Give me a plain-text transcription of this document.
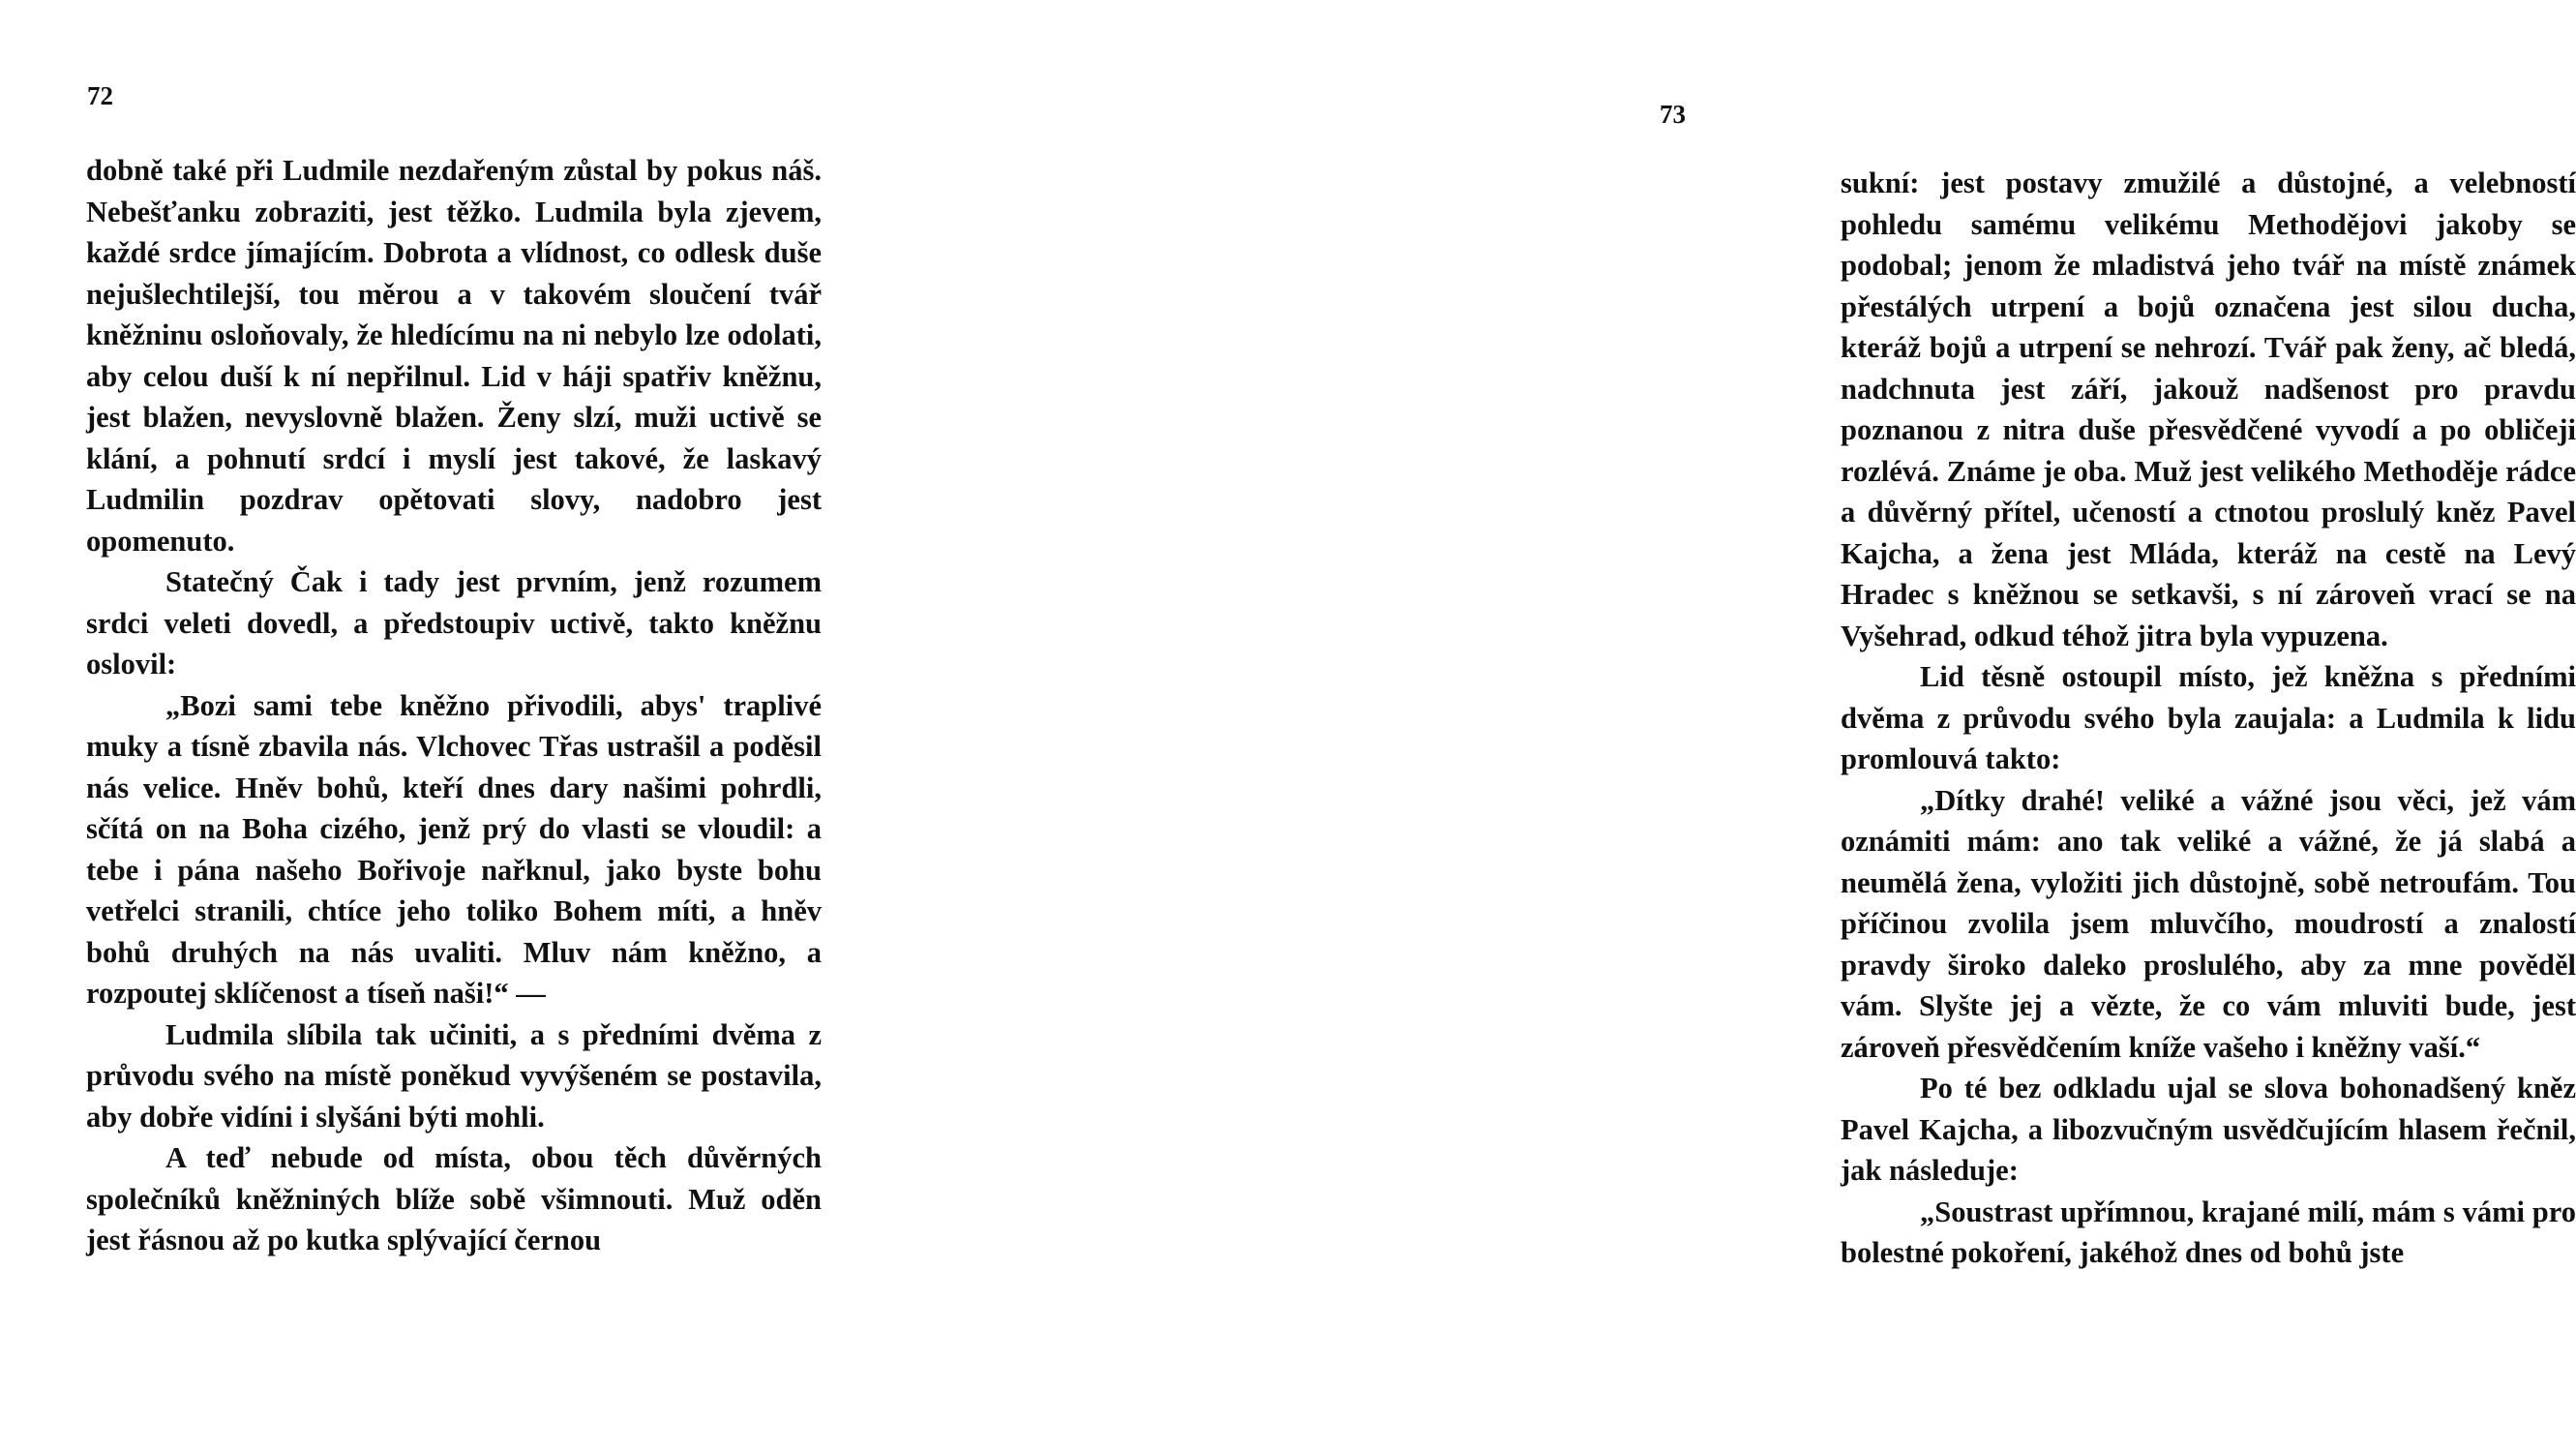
72

dobně také při Ludmile nezdařeným zůstal by pokus náš. Nebešťanku zobraziti, jest těžko. Ludmila byla zjevem, každé srdce jímajícím. Dobrota a vlídnost, co odlesk duše nejušlechtilejší, tou měrou a v takovém sloučení tvář kněžninu osloňovaly, že hledícímu na ni nebylo lze odolati, aby celou duší k ní nepřilnul. Lid v háji spatřiv kněžnu, jest blažen, nevyslovně blažen. Ženy slzí, muži uctivě se klání, a pohnutí srdcí i myslí jest takové, že laskavý Ludmilin pozdrav opětovati slovy, nadobro jest opomenuto.

Statečný Čak i tady jest prvním, jenž rozumem srdci veleti dovedl, a předstoupiv uctivě, takto kněžnu oslovil:

„Bozi sami tebe kněžno přivodili, abys' traplivé muky a tísně zbavila nás. Vlchovec Třas ustrašil a poděsil nás velice. Hněv bohů, kteří dnes dary našimi pohrdli, sčítá on na Boha cizého, jenž prý do vlasti se vloudil: a tebe i pána našeho Bořivoje nařknul, jako byste bohu vetřelci stranili, chtíce jeho toliko Bohem míti, a hněv bohů druhých na nás uvaliti. Mluv nám kněžno, a rozpoutej sklíčenost a tíseň naši!“ —

Ludmila slíbila tak učiniti, a s předními dvěma z průvodu svého na místě poněkud vyvýšeném se postavila, aby dobře vidíni i slyšáni býti mohli.

A teď nebude od místa, obou těch důvěrných společníků kněžniných blíže sobě všimnouti. Muž oděn jest řásnou až po kutka splývající černou

sukní: jest postavy zmužilé a důstojné, a velebností pohledu samému velikému Methodějovi jakoby se podobal; jenom že mladistvá jeho tvář na místě známek přestálých utrpení a bojů označena jest silou ducha, kteráž bojů a utrpení se nehrozí. Tvář pak ženy, ač bledá, nadchnuta jest září, jakouž nadšenost pro pravdu poznanou z nitra duše přesvědčené vyvodí a po obličeji rozlévá. Známe je oba. Muž jest velikého Methoděje rádce a důvěrný přítel, učeností a ctnotou proslulý kněz Pavel Kajcha, a žena jest Mláda, kteráž na cestě na Levý Hradec s kněžnou se setkavši, s ní zároveň vrací se na Vyšehrad, odkud téhož jitra byla vypuzena.

Lid těsně ostoupil místo, jež kněžna s předními dvěma z průvodu svého byla zaujala: a Ludmila k lidu promlouvá takto:

„Dítky drahé! veliké a vážné jsou věci, jež vám oznámiti mám: ano tak veliké a vážné, že já slabá a neumělá žena, vyložiti jich důstojně, sobě netroufám. Tou příčinou zvolila jsem mluvčího, moudrostí a znalostí pravdy široko daleko proslulého, aby za mne pověděl vám. Slyšte jej a vězte, že co vám mluviti bude, jest zároveň přesvědčením kníže vašeho i kněžny vaší.“

Po té bez odkladu ujal se slova bohonadšený kněz Pavel Kajcha, a libozvučným usvědčujícím hlasem řečnil, jak následuje:

„Soustrast upřímnou, krajané milí, mám s vámi pro bolestné pokoření, jakéhož dnes od bohů jste

73
